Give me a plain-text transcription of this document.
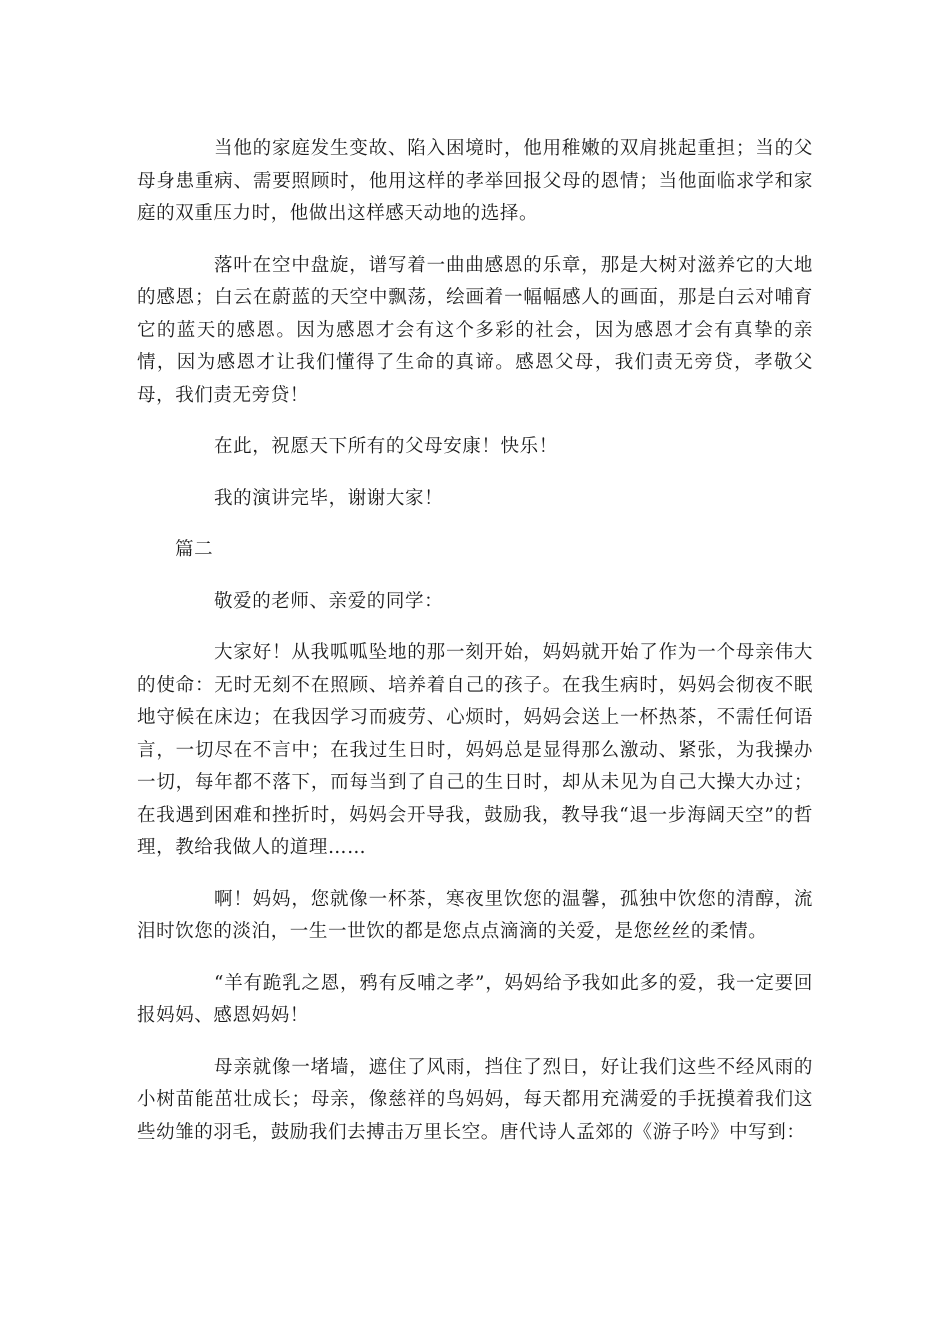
当他的家庭发生变故、陷入困境时，他用稚嫩的双肩挑起重担；当的父母身患重病、需要照顾时，他用这样的孝举回报父母的恩情；当他面临求学和家庭的双重压力时，他做出这样感天动地的选择。

落叶在空中盘旋，谱写着一曲曲感恩的乐章，那是大树对滋养它的大地的感恩；白云在蔚蓝的天空中飘荡，绘画着一幅幅感人的画面，那是白云对哺育它的蓝天的感恩。因为感恩才会有这个多彩的社会，因为感恩才会有真挚的亲情，因为感恩才让我们懂得了生命的真谛。感恩父母，我们责无旁贷，孝敬父母，我们责无旁贷！

在此，祝愿天下所有的父母安康！快乐！

我的演讲完毕，谢谢大家！

篇二

敬爱的老师、亲爱的同学：

大家好！从我呱呱坠地的那一刻开始，妈妈就开始了作为一个母亲伟大的使命：无时无刻不在照顾、培养着自己的孩子。在我生病时，妈妈会彻夜不眠地守候在床边；在我因学习而疲劳、心烦时，妈妈会送上一杯热茶，不需任何语言，一切尽在不言中；在我过生日时，妈妈总是显得那么激动、紧张，为我操办一切，每年都不落下，而每当到了自己的生日时，却从未见为自己大操大办过；在我遇到困难和挫折时，妈妈会开导我，鼓励我，教导我“退一步海阔天空”的哲理，教给我做人的道理……

啊！妈妈，您就像一杯茶，寒夜里饮您的温馨，孤独中饮您的清醇，流泪时饮您的淡泊，一生一世饮的都是您点点滴滴的关爱，是您丝丝的柔情。

“羊有跪乳之恩，鸦有反哺之孝”，妈妈给予我如此多的爱，我一定要回报妈妈、感恩妈妈！

母亲就像一堵墙，遮住了风雨，挡住了烈日，好让我们这些不经风雨的小树苗能茁壮成长；母亲，像慈祥的鸟妈妈，每天都用充满爱的手抚摸着我们这些幼雏的羽毛，鼓励我们去搏击万里长空。唐代诗人孟郊的《游子吟》中写到：
